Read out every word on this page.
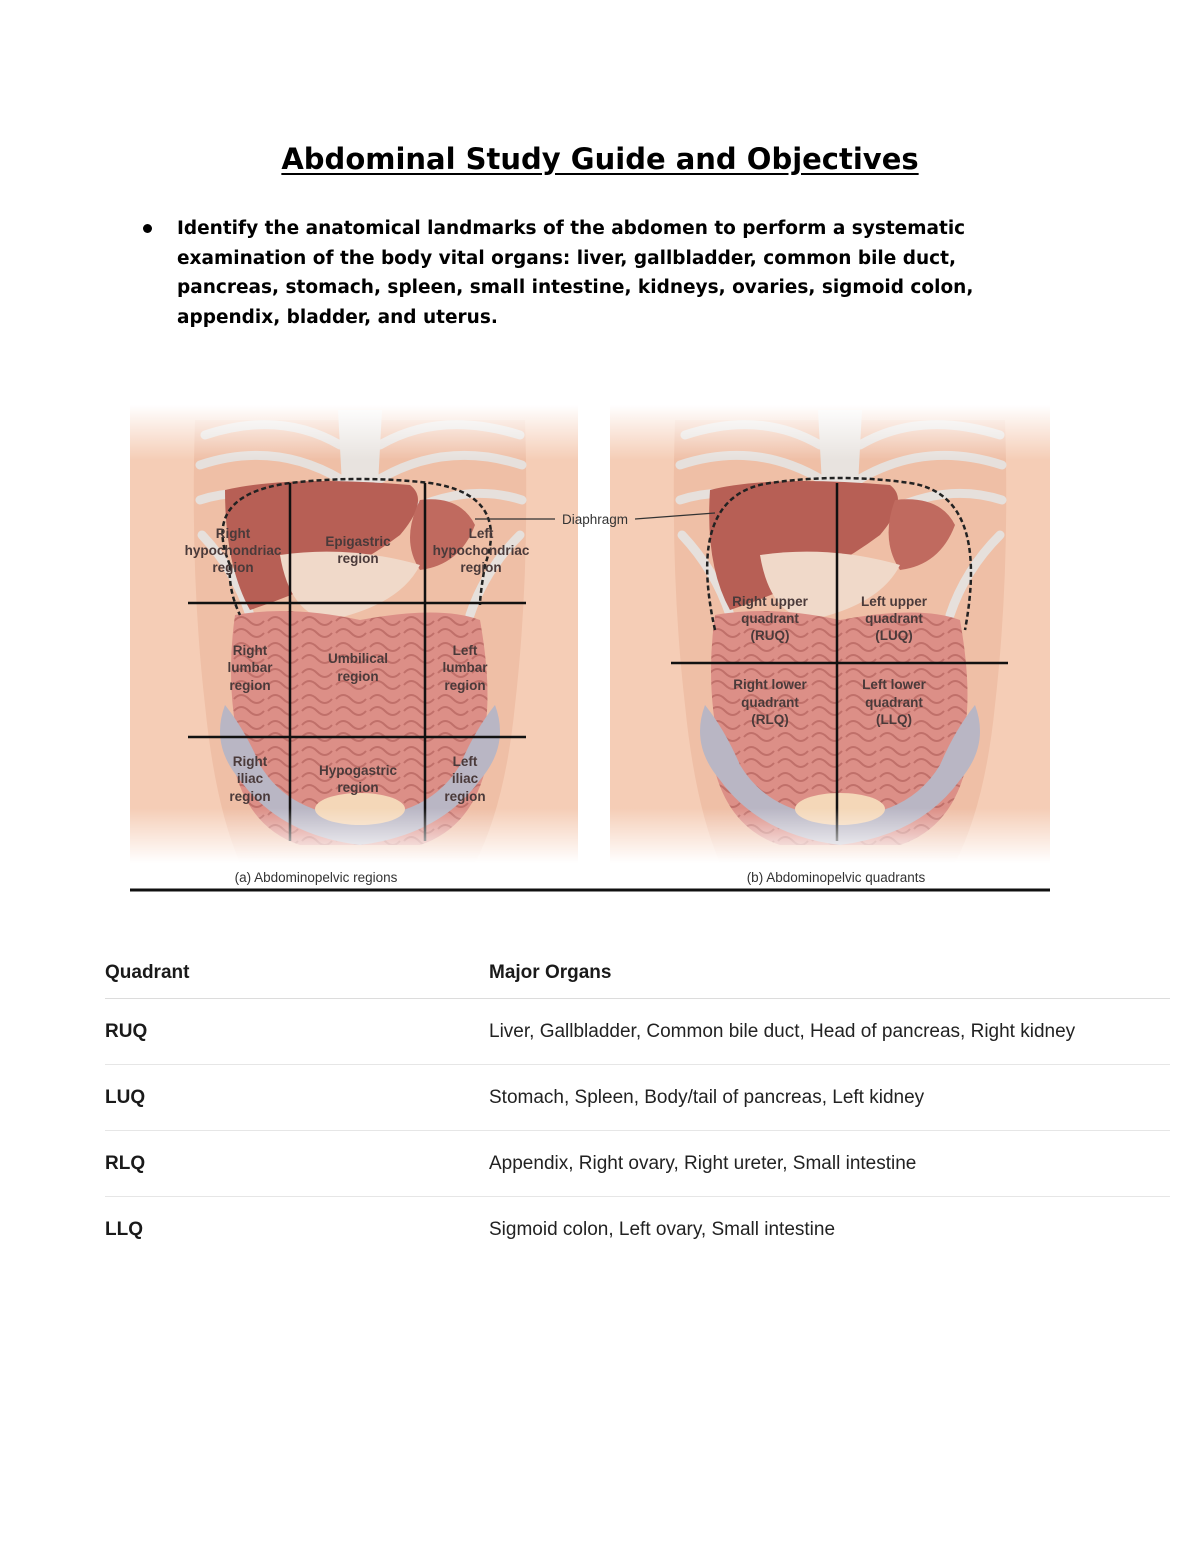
Abdominal Study Guide and Objectives
Identify the anatomical landmarks of the abdomen to perform a systematic examination of the body vital organs: liver, gallbladder, common bile duct, pancreas, stomach, spleen, small intestine, kidneys, ovaries, sigmoid colon, appendix, bladder, and uterus.
(a) Abdominopelvic regions	(b) Abdominopelvic quadrants
Diaphragm
Quadrant	Major Organs
RUQ	Liver, Gallbladder, Common bile duct, Head of pancreas, Right kidney
LUQ	Stomach, Spleen, Body/tail of pancreas, Left kidney
RLQ	Appendix, Right ovary, Right ureter, Small intestine
LLQ	Sigmoid colon, Left ovary, Small intestine
